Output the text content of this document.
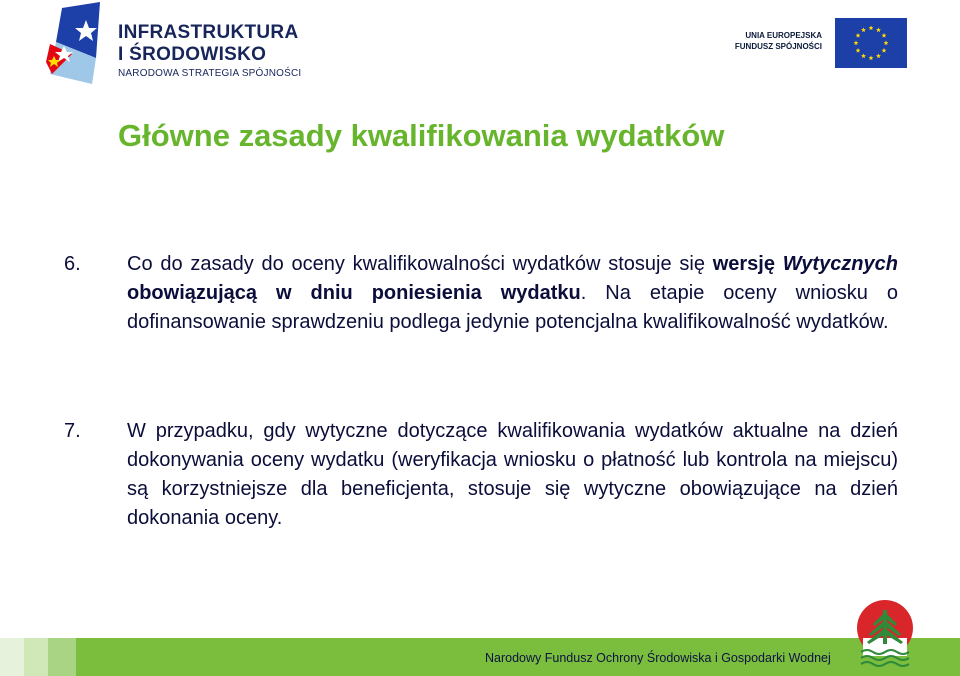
INFRASTRUKTURA
I ŚRODOWISKO
NARODOWA STRATEGIA SPÓJNOŚCI
UNIA EUROPEJSKA
FUNDUSZ SPÓJNOŚCI
Główne zasady kwalifikowania wydatków
6. Co do zasady do oceny kwalifikowalności wydatków stosuje się wersję Wytycznych obowiązującą w dniu poniesienia wydatku. Na etapie oceny wniosku o dofinansowanie sprawdzeniu podlega jedynie potencjalna kwalifikowalność wydatków.
7. W przypadku, gdy wytyczne dotyczące kwalifikowania wydatków aktualne na dzień dokonywania oceny wydatku (weryfikacja wniosku o płatność lub kontrola na miejscu) są korzystniejsze dla beneficjenta, stosuje się wytyczne obowiązujące na dzień dokonania oceny.
Narodowy Fundusz Ochrony Środowiska i Gospodarki Wodnej
